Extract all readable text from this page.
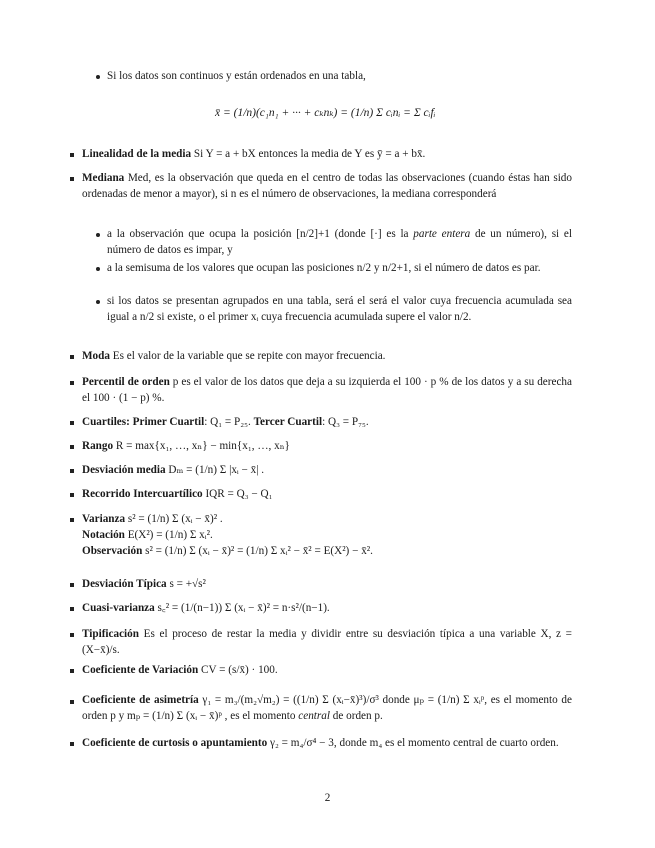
Si los datos son continuos y están ordenados en una tabla,
x̄ = (1/n)(c₁n₁ + ··· + cₖnₖ) = (1/n) Σ cᵢnᵢ = Σ cᵢfᵢ
Linealidad de la media Si Y = a + bX entonces la media de Y es ȳ = a + bx̄.
Mediana Med, es la observación que queda en el centro de todas las observaciones (cuando éstas han sido ordenadas de menor a mayor), si n es el número de observaciones, la mediana corresponderá
a la observación que ocupa la posición [n/2]+1 (donde [·] es la parte entera de un número), si el número de datos es impar, y
a la semisuma de los valores que ocupan las posiciones n/2 y n/2+1, si el número de datos es par.
si los datos se presentan agrupados en una tabla, será el será el valor cuya frecuencia acumulada sea igual a n/2 si existe, o el primer xᵢ cuya frecuencia acumulada supere el valor n/2.
Moda Es el valor de la variable que se repite con mayor frecuencia.
Percentil de orden p es el valor de los datos que deja a su izquierda el 100 · p % de los datos y a su derecha el 100 · (1 − p) %.
Cuartiles: Primer Cuartil: Q₁ = P₂₅. Tercer Cuartil: Q₃ = P₇₅.
Rango R = max{x₁, …, xₙ} − min{x₁, …, xₙ}
Desviación media Dₘ = (1/n) Σ |xᵢ − x̄| .
Recorrido Intercuartílico IQR = Q₃ − Q₁
Varianza s² = (1/n) Σ (xᵢ − x̄)² .
Notación E(X²) = (1/n) Σ xᵢ².
Observación s² = (1/n) Σ (xᵢ − x̄)² = (1/n) Σ xᵢ² − x̄² = E(X²) − x̄².
Desviación Típica s = +√s²
Cuasi-varianza s꜀² = (1/(n−1)) Σ (xᵢ − x̄)² = n·s²/(n−1).
Tipificación Es el proceso de restar la media y dividir entre su desviación típica a una variable X, z = (X−x̄)/s.
Coeficiente de Variación CV = (s/x̄) · 100.
Coeficiente de asimetría γ₁ = m₃/(m₂√m₂) = ((1/n) Σ (xᵢ−x̄)³)/σ³ donde μₚ = (1/n) Σ xᵢᵖ, es el momento de orden p y mₚ = (1/n) Σ (xᵢ − x̄)ᵖ , es el momento central de orden p.
Coeficiente de curtosis o apuntamiento γ₂ = m₄/σ⁴ − 3, donde m₄ es el momento central de cuarto orden.
2
